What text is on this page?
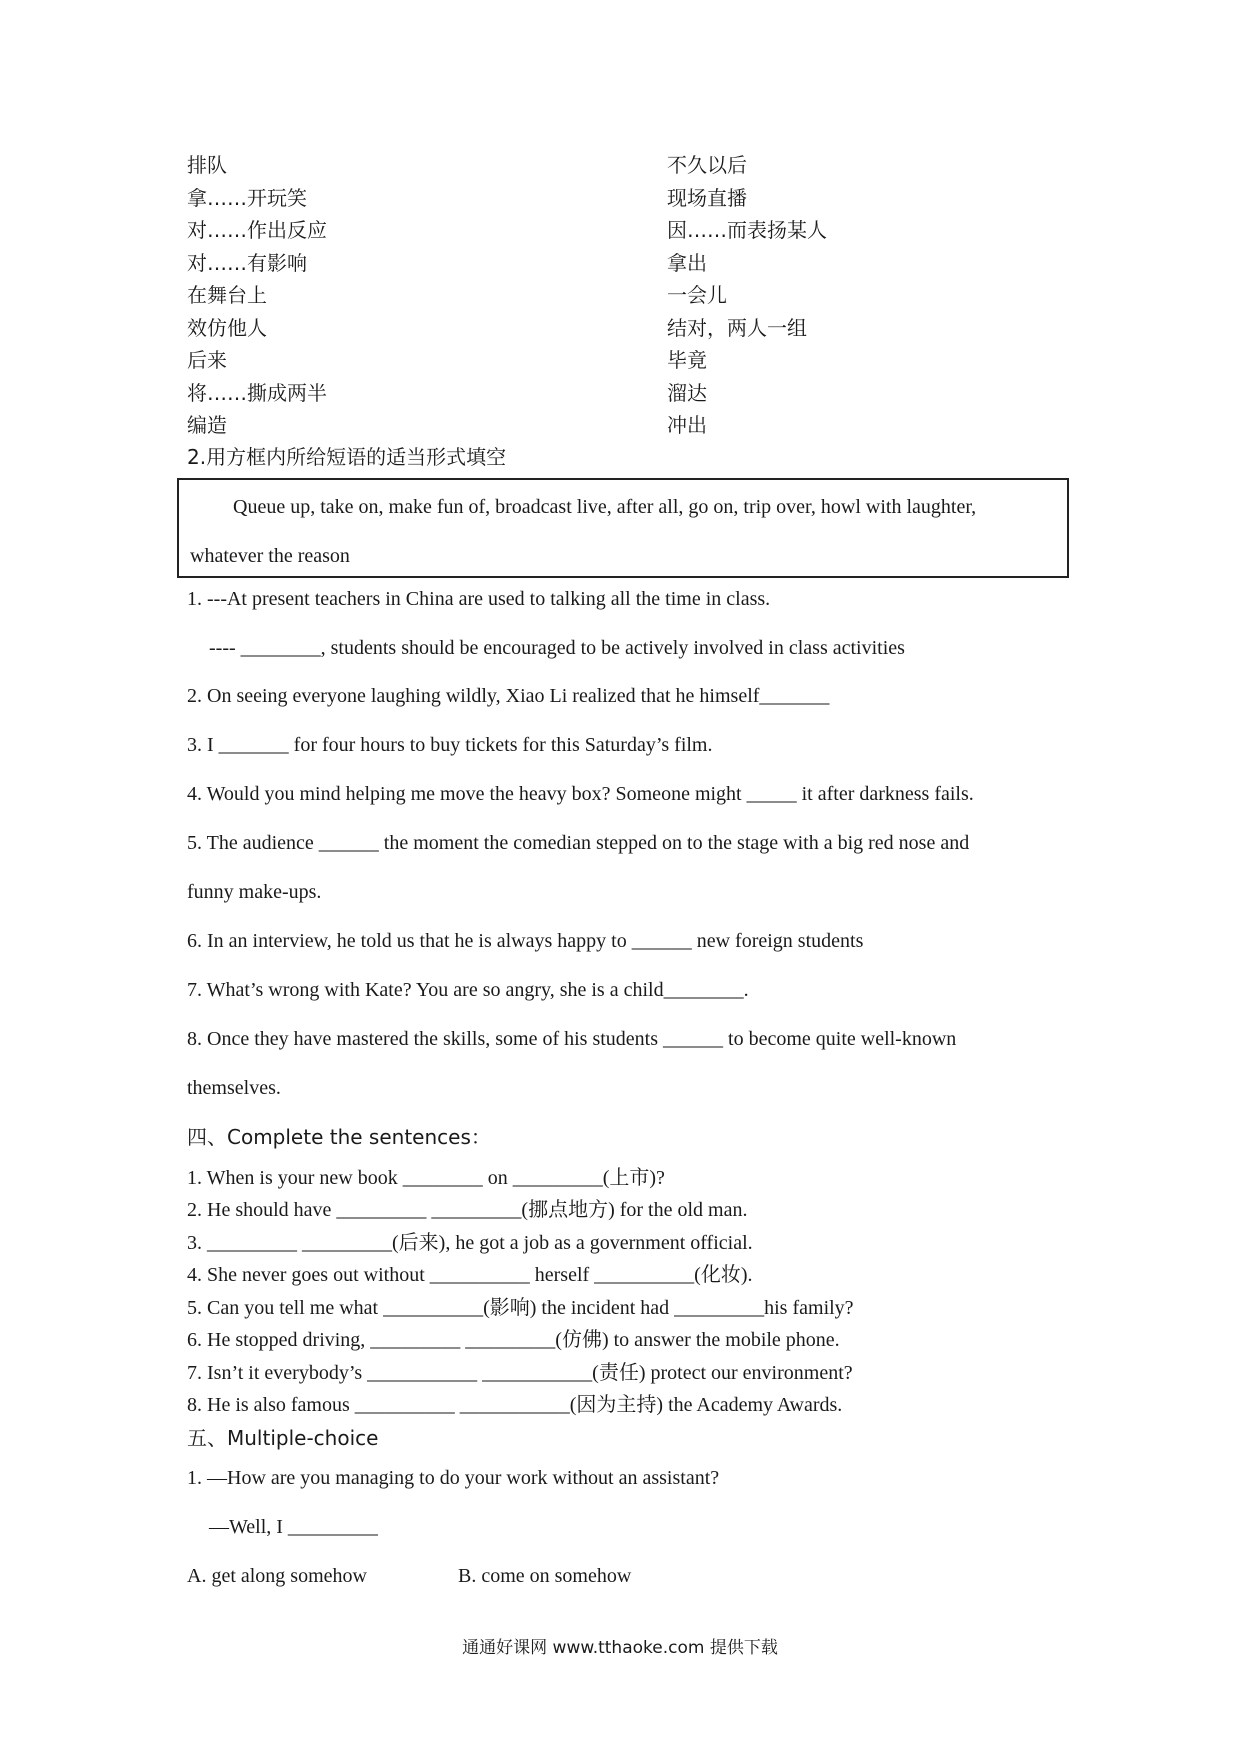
排队
拿……开玩笑
对……作出反应
对……有影响
在舞台上
效仿他人
后来
将……撕成两半
编造
不久以后
现场直播
因……而表扬某人
拿出
一会儿
结对，两人一组
毕竟
溜达
冲出
2.用方框内所给短语的适当形式填空
Queue up, take on, make fun of, broadcast live, after all, go on, trip over, howl with laughter,
whatever the reason
1. ---At present teachers in China are used to talking all the time in class.
---- ________, students should be encouraged to be actively involved in class activities
2. On seeing everyone laughing wildly, Xiao Li realized that he himself_______
3. I _______ for four hours to buy tickets for this Saturday’s film.
4. Would you mind helping me move the heavy box? Someone might _____ it after darkness fails.
5. The audience ______ the moment the comedian stepped on to the stage with a big red nose and
funny make-ups.
6. In an interview, he told us that he is always happy to ______ new foreign students
7. What’s wrong with Kate? You are so angry, she is a child________.
8. Once they have mastered the skills, some of his students ______ to become quite well-known
themselves.
四、Complete the sentences：
1. When is your new book ________ on _________(上市)?
2. He should have _________ _________(挪点地方) for the old man.
3. _________ _________(后来), he got a job as a government official.
4. She never goes out without __________ herself __________(化妆).
5. Can you tell me what __________(影响) the incident had _________his family?
6. He stopped driving, _________ _________(仿佛) to answer the mobile phone.
7. Isn’t it everybody’s ___________ ___________(责任) protect our environment?
8. He is also famous __________ ___________(因为主持) the Academy Awards.
五、Multiple-choice
1. —How are you managing to do your work without an assistant?
—Well, I _________
A. get along somehow	B. come on somehow
通通好课网 www.tthaoke.com 提供下载
